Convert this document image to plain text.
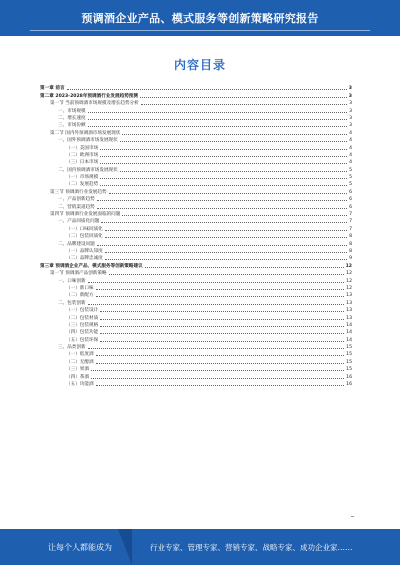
预调酒企业产品、模式服务等创新策略研究报告
内容目录
第一章 前言	3
第二章 2023-2028年预调酒行业发展趋势预测	3
第一节 当前预调酒市场规模及增长趋势分析	3
一、市场规模	3
二、增长速度	3
三、市场份额	3
第二节 国内外预调酒市场发展现状	4
一、国外预调酒市场发展现状	4
（一）美国市场	4
（二）欧洲市场	4
（三）日本市场	4
二、国内预调酒市场发展现状	5
（一）市场规模	5
（二）发展趋势	5
第三节 预调酒行业发展趋势	6
一、产品创新趋势	6
二、营销渠道趋势	6
第四节 预调酒行业发展面临的问题	7
一、产品同质化问题	7
（一）口味同质化	7
（二）包装同质化	8
二、品牌建设问题	8
（一）品牌认知度	8
（二）品牌忠诚度	9
第三章 预调酒企业产品、模式服务等创新策略建议	12
第一节 预调酒产品创新策略	12
一、口味创新	12
（一）新口味	12
（二）新配方	13
二、包装创新	13
（一）包装设计	13
（二）包装材质	13
（三）包装规格	14
（四）包装功能	14
（五）包装环保	14
三、品类创新	15
（一）低度酒	15
（二）无醇酒	15
（三）果酒	15
（四）茶酒	16
（五）功能酒	16
让每个人都能成为	行业专家、管理专家、营销专家、战略专家、成功企业家……
